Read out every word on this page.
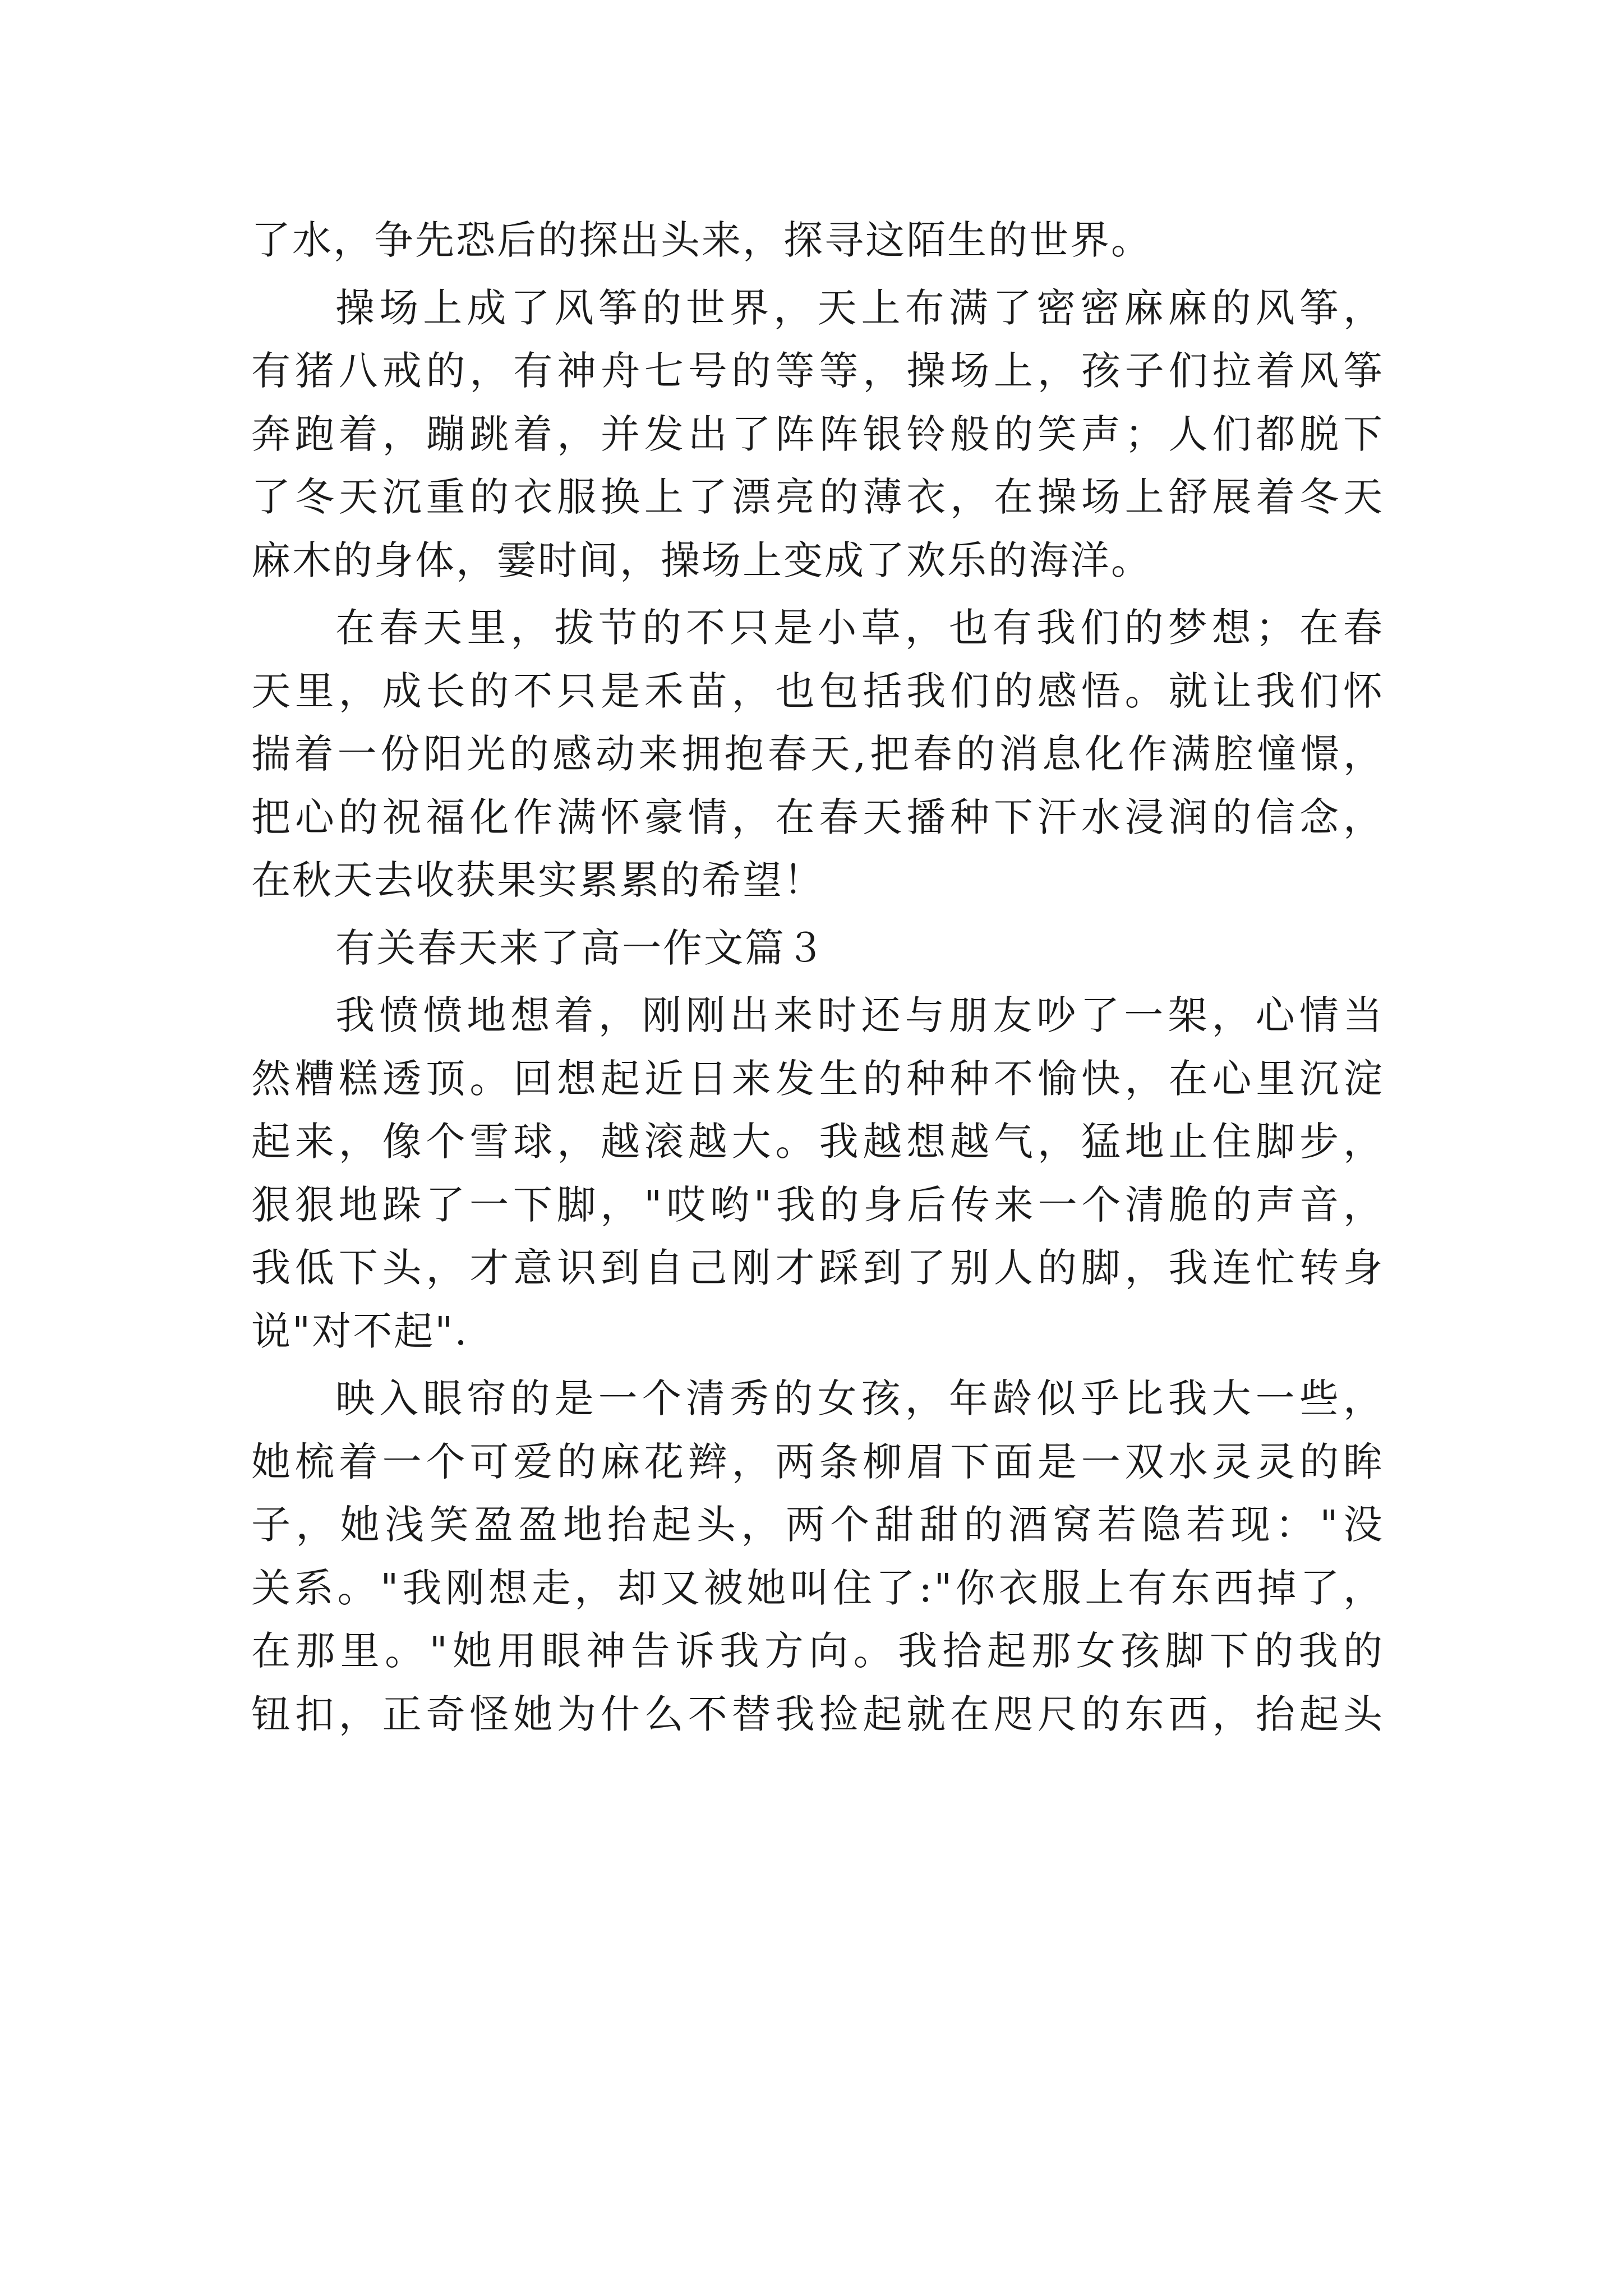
了水，争先恐后的探出头来，探寻这陌生的世界。
操场上成了风筝的世界，天上布满了密密麻麻的风筝，
有猪八戒的，有神舟七号的等等，操场上，孩子们拉着风筝
奔跑着，蹦跳着，并发出了阵阵银铃般的笑声；人们都脱下
了冬天沉重的衣服换上了漂亮的薄衣，在操场上舒展着冬天
麻木的身体，霎时间，操场上变成了欢乐的海洋。
在春天里，拔节的不只是小草，也有我们的梦想；在春
天里，成长的不只是禾苗，也包括我们的感悟。就让我们怀
揣着一份阳光的感动来拥抱春天,把春的消息化作满腔憧憬，
把心的祝福化作满怀豪情，在春天播种下汗水浸润的信念，
在秋天去收获果实累累的希望！
有关春天来了高一作文篇３
我愤愤地想着，刚刚出来时还与朋友吵了一架，心情当
然糟糕透顶。回想起近日来发生的种种不愉快，在心里沉淀
起来，像个雪球，越滚越大。我越想越气，猛地止住脚步，
狠狠地跺了一下脚，"哎哟"我的身后传来一个清脆的声音，
我低下头，才意识到自己刚才踩到了别人的脚，我连忙转身
说"对不起".
映入眼帘的是一个清秀的女孩，年龄似乎比我大一些，
她梳着一个可爱的麻花辫，两条柳眉下面是一双水灵灵的眸
子，她浅笑盈盈地抬起头，两个甜甜的酒窝若隐若现："没
关系。"我刚想走，却又被她叫住了:"你衣服上有东西掉了，
在那里。"她用眼神告诉我方向。我拾起那女孩脚下的我的
钮扣，正奇怪她为什么不替我捡起就在咫尺的东西，抬起头
